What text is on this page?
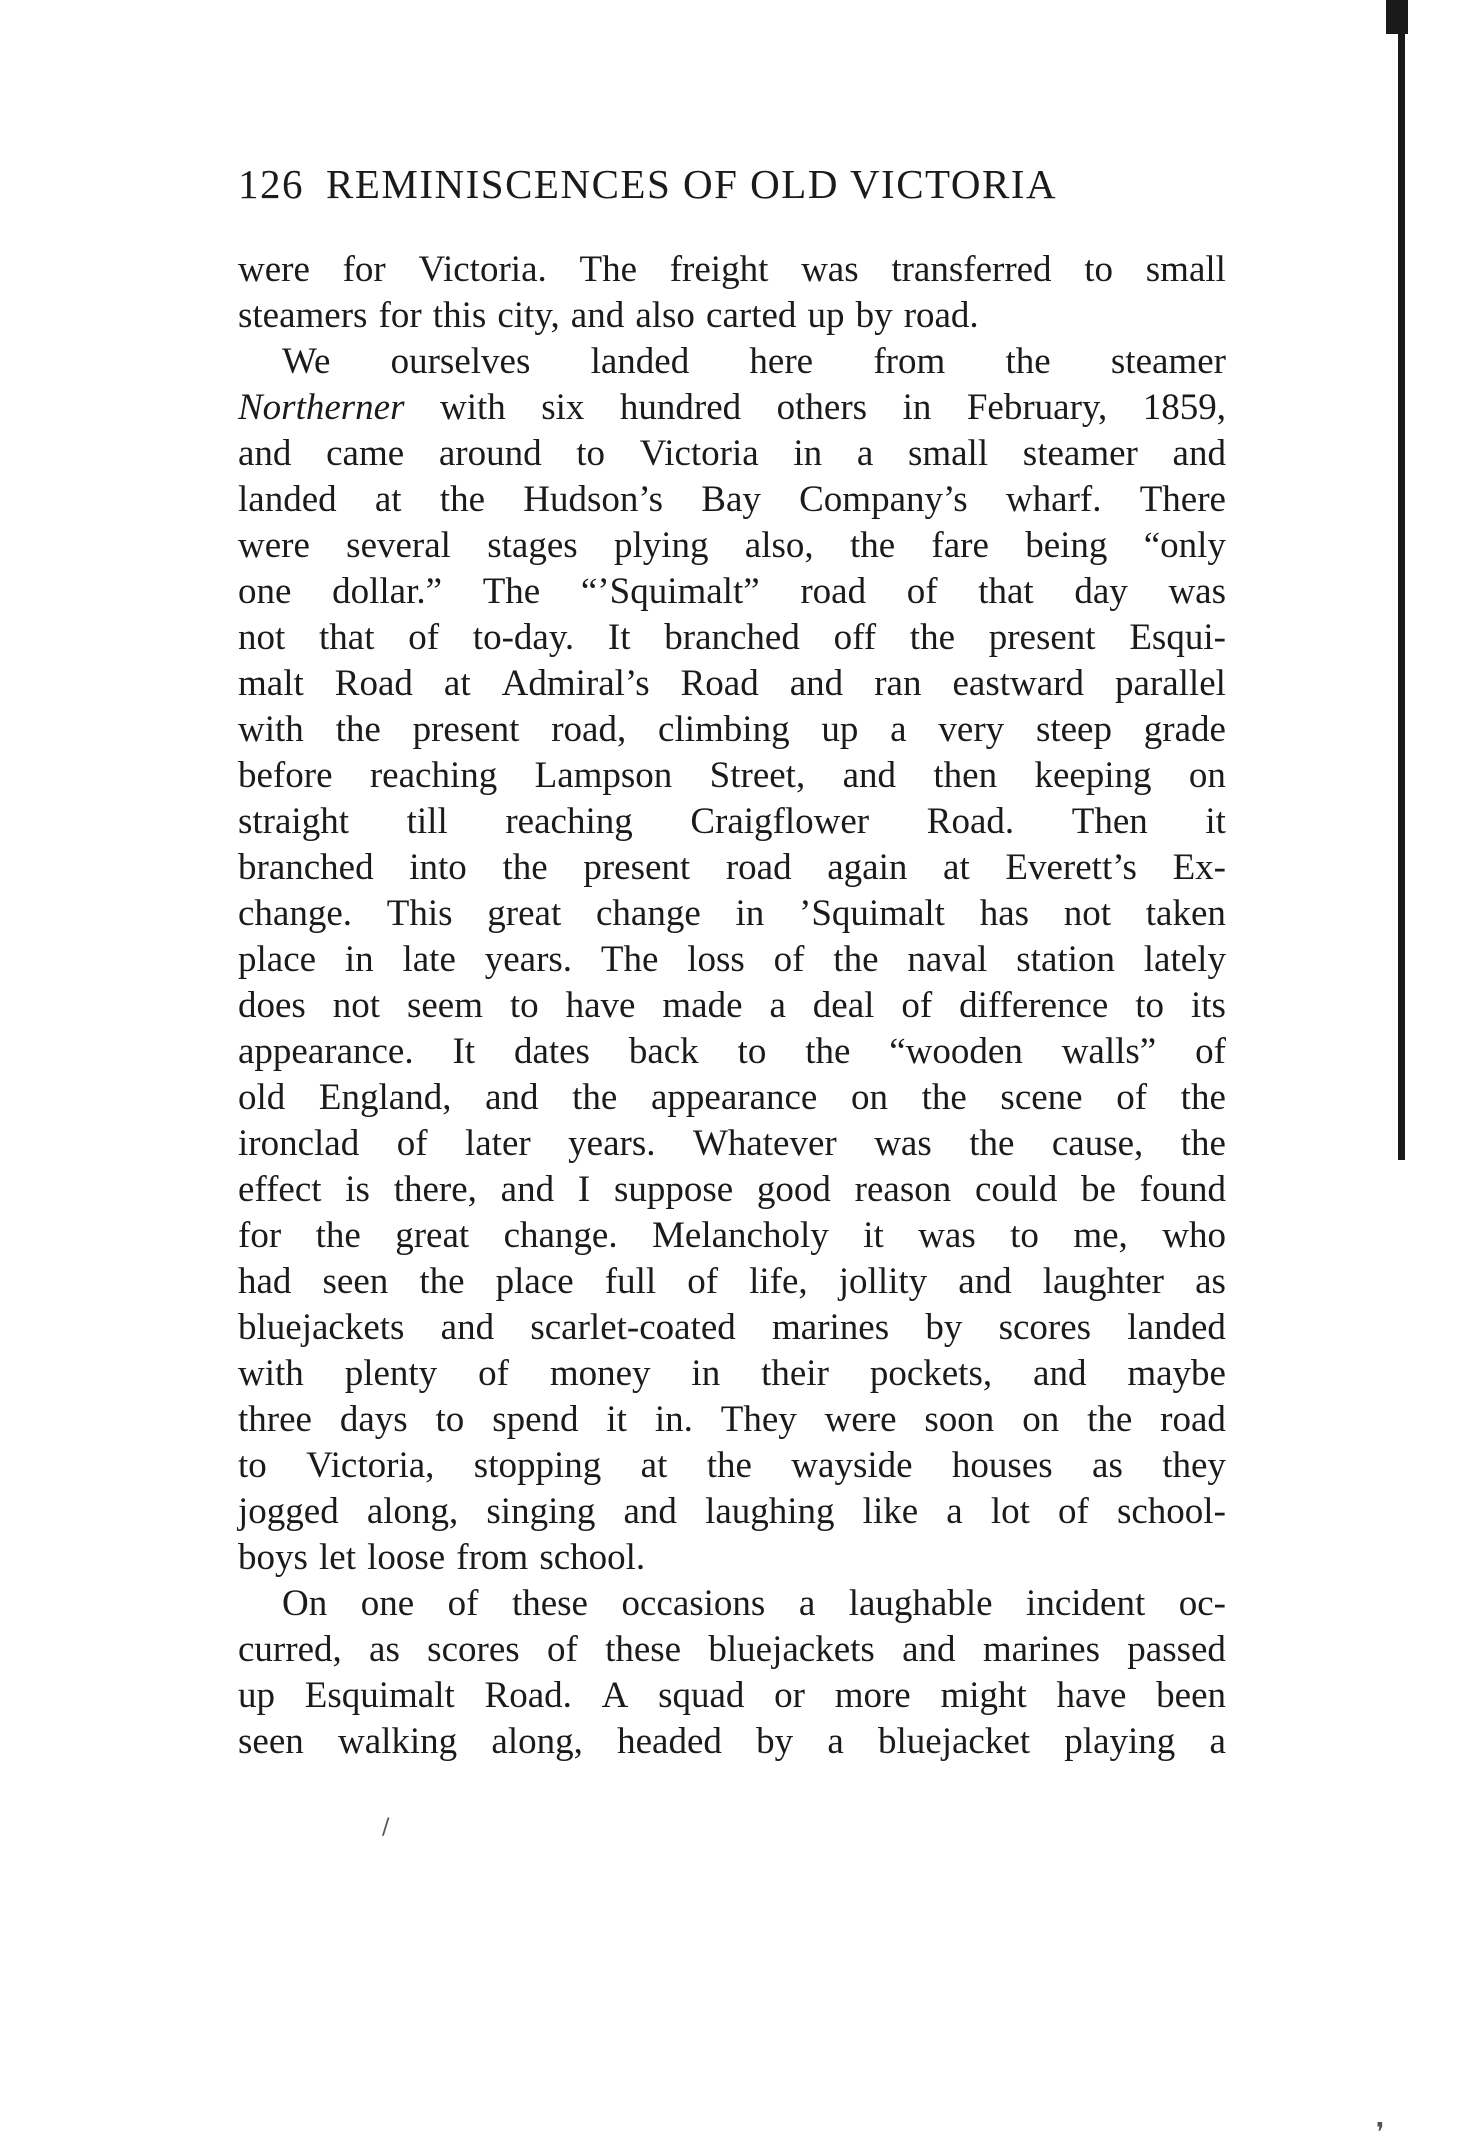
126 REMINISCENCES OF OLD VICTORIA
were for Victoria. The freight was transferred to small
steamers for this city, and also carted up by road.
We ourselves landed here from the steamer
Northerner with six hundred others in February, 1859,
and came around to Victoria in a small steamer and
landed at the Hudson’s Bay Company’s wharf. There
were several stages plying also, the fare being “only
one dollar.” The “’Squimalt” road of that day was
not that of to-day. It branched off the present Esqui-
malt Road at Admiral’s Road and ran eastward parallel
with the present road, climbing up a very steep grade
before reaching Lampson Street, and then keeping on
straight till reaching Craigflower Road. Then it
branched into the present road again at Everett’s Ex-
change. This great change in ’Squimalt has not taken
place in late years. The loss of the naval station lately
does not seem to have made a deal of difference to its
appearance. It dates back to the “wooden walls” of
old England, and the appearance on the scene of the
ironclad of later years. Whatever was the cause, the
effect is there, and I suppose good reason could be found
for the great change. Melancholy it was to me, who
had seen the place full of life, jollity and laughter as
bluejackets and scarlet-coated marines by scores landed
with plenty of money in their pockets, and maybe
three days to spend it in. They were soon on the road
to Victoria, stopping at the wayside houses as they
jogged along, singing and laughing like a lot of school-
boys let loose from school.
On one of these occasions a laughable incident oc-
curred, as scores of these bluejackets and marines passed
up Esquimalt Road. A squad or more might have been
seen walking along, headed by a bluejacket playing a
❜
/
